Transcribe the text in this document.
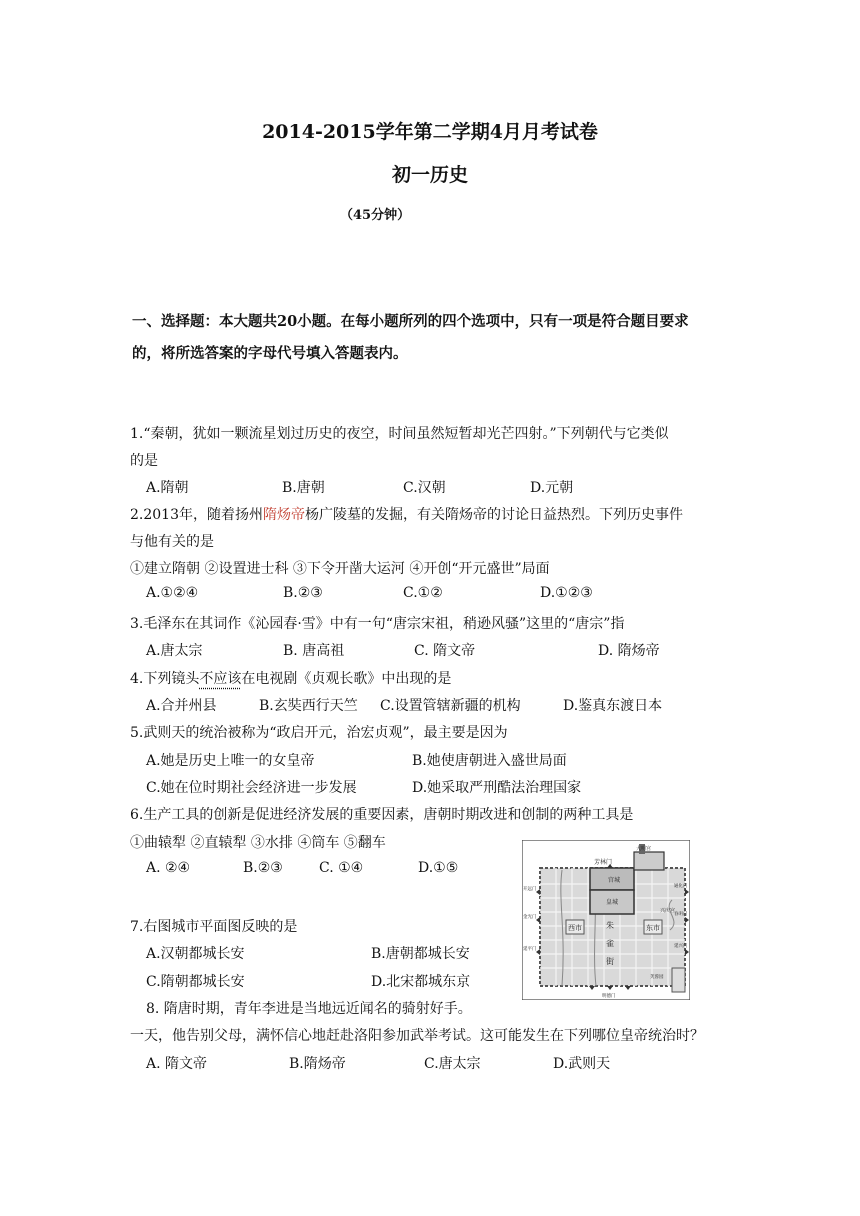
2014-2015学年第二学期4月月考试卷
初一历史
（45分钟）
一、选择题：本大题共20小题。在每小题所列的四个选项中，只有一项是符合题目要求
的，将所选答案的字母代号填入答题表内。
1.“秦朝，犹如一颗流星划过历史的夜空，时间虽然短暂却光芒四射。”下列朝代与它类似
的是
A.隋朝	B.唐朝	C.汉朝	D.元朝
2.2013年，随着扬州隋炀帝杨广陵墓的发掘，有关隋炀帝的讨论日益热烈。下列历史事件
与他有关的是
①建立隋朝 ②设置进士科 ③下令开凿大运河 ④开创“开元盛世”局面
A.①②④	B.②③	C.①②	D.①②③
3.毛泽东在其词作《沁园春·雪》中有一句“唐宗宋祖，稍逊风骚”这里的“唐宗”指
A.唐太宗	B. 唐高祖	C. 隋文帝	D. 隋炀帝
4.下列镜头不应该在电视剧《贞观长歌》中出现的是
A.合并州县	B.玄奘西行天竺 C.设置管辖新疆的机构	D.鉴真东渡日本
5.武则天的统治被称为“政启开元，治宏贞观”，最主要是因为
A.她是历史上唯一的女皇帝	B.她使唐朝进入盛世局面
C.她在位时期社会经济进一步发展	D.她采取严刑酷法治理国家
6.生产工具的创新是促进经济发展的重要因素，唐朝时期改进和创制的两种工具是
①曲辕犁 ②直辕犁 ③水排 ④筒车 ⑤翻车
A. ②④	B.②③	C. ①④	D.①⑤
7.右图城市平面图反映的是
A.汉朝都城长安	B.唐朝都城长安
C.隋朝都城长安	D.北宋都城东京
8. 隋唐时期，青年李进是当地远近闻名的骑射好手。
一天，他告别父母，满怀信心地赶赴洛阳参加武举考试。这可能发生在下列哪位皇帝统治时？
A. 隋文帝	B.隋炀帝	C.唐太宗	D.武则天
芳林门
大明宫
宫城
皇城
西市	东市
朱
雀
街
兴庆宫
开远门
金光门
延平门
通化门
春明门
延兴门
芙蓉园
明德门
